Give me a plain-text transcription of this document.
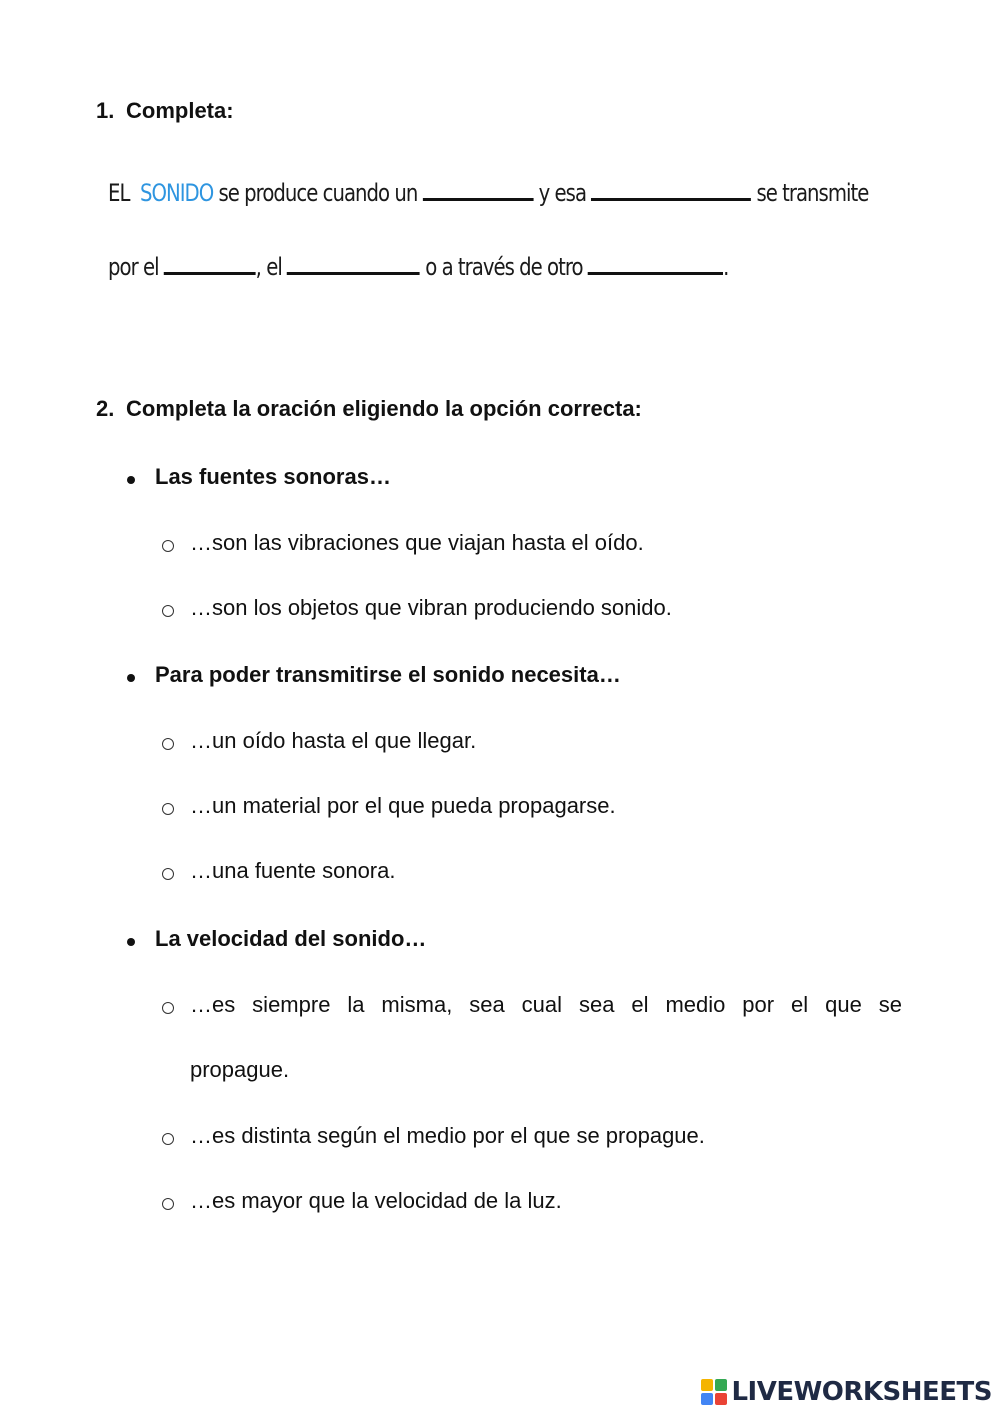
1. Completa:
EL SONIDO se produce cuando un	y esa	se transmite
por el	, el	o a través de otro	.
2. Completa la oración eligiendo la opción correcta:
Las fuentes sonoras…
…son las vibraciones que viajan hasta el oído.
…son los objetos que vibran produciendo sonido.
Para poder transmitirse el sonido necesita…
…un oído hasta el que llegar.
…un material por el que pueda propagarse.
…una fuente sonora.
La velocidad del sonido…
…es siempre la misma, sea cual sea el medio por el que se
propague.
…es distinta según el medio por el que se propague.
…es mayor que la velocidad de la luz.
LIVEWORKSHEETS
